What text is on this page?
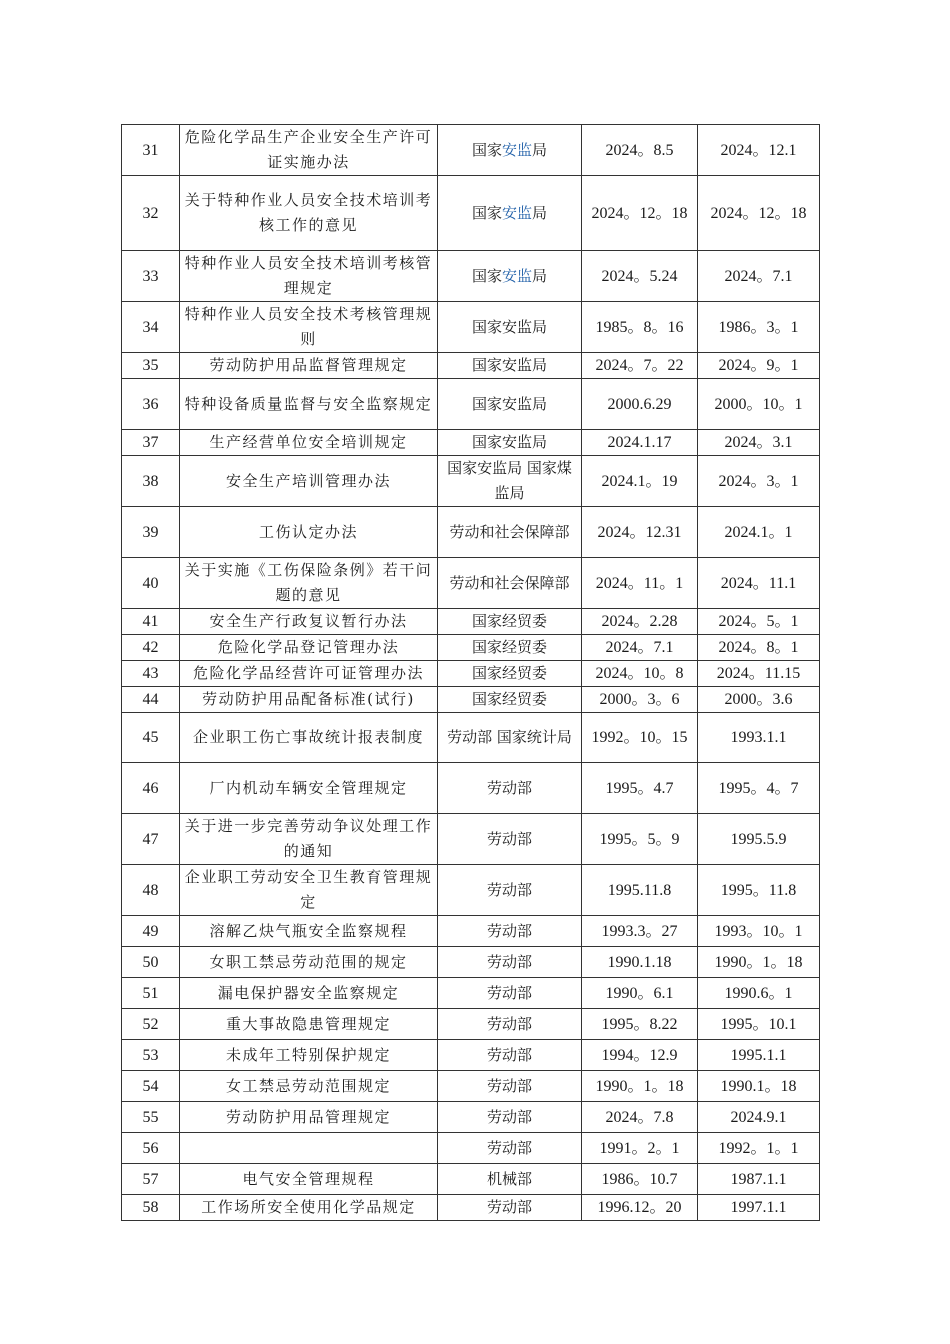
31	危险化学品生产企业安全生产许可证实施办法	国家安监局	2024。8.5	2024。12.1
32	关于特种作业人员安全技术培训考核工作的意见	国家安监局	2024。12。18	2024。12。18
33	特种作业人员安全技术培训考核管理规定	国家安监局	2024。5.24	2024。7.1
34	特种作业人员安全技术考核管理规则	国家安监局	1985。8。16	1986。3。1
35	劳动防护用品监督管理规定	国家安监局	2024。7。22	2024。9。1
36	特种设备质量监督与安全监察规定	国家安监局	2000.6.29	2000。10。1
37	生产经营单位安全培训规定	国家安监局	2024.1.17	2024。3.1
38	安全生产培训管理办法	国家安监局 国家煤监局	2024.1。19	2024。3。1
39	工伤认定办法	劳动和社会保障部	2024。12.31	2024.1。1
40	关于实施《工伤保险条例》若干问题的意见	劳动和社会保障部	2024。11。1	2024。11.1
41	安全生产行政复议暂行办法	国家经贸委	2024。2.28	2024。5。1
42	危险化学品登记管理办法	国家经贸委	2024。7.1	2024。8。1
43	危险化学品经营许可证管理办法	国家经贸委	2024。10。8	2024。11.15
44	劳动防护用品配备标准(试行)	国家经贸委	2000。3。6	2000。3.6
45	企业职工伤亡事故统计报表制度	劳动部 国家统计局	1992。10。15	1993.1.1
46	厂内机动车辆安全管理规定	劳动部	1995。4.7	1995。4。7
47	关于进一步完善劳动争议处理工作的通知	劳动部	1995。5。9	1995.5.9
48	企业职工劳动安全卫生教育管理规定	劳动部	1995.11.8	1995。11.8
49	溶解乙炔气瓶安全监察规程	劳动部	1993.3。27	1993。10。1
50	女职工禁忌劳动范围的规定	劳动部	1990.1.18	1990。1。18
51	漏电保护器安全监察规定	劳动部	1990。6.1	1990.6。1
52	重大事故隐患管理规定	劳动部	1995。8.22	1995。10.1
53	未成年工特别保护规定	劳动部	1994。12.9	1995.1.1
54	女工禁忌劳动范围规定	劳动部	1990。1。18	1990.1。18
55	劳动防护用品管理规定	劳动部	2024。7.8	2024.9.1
56		劳动部	1991。2。1	1992。1。1
57	电气安全管理规程	机械部	1986。10.7	1987.1.1
58	工作场所安全使用化学品规定	劳动部	1996.12。20	1997.1.1
